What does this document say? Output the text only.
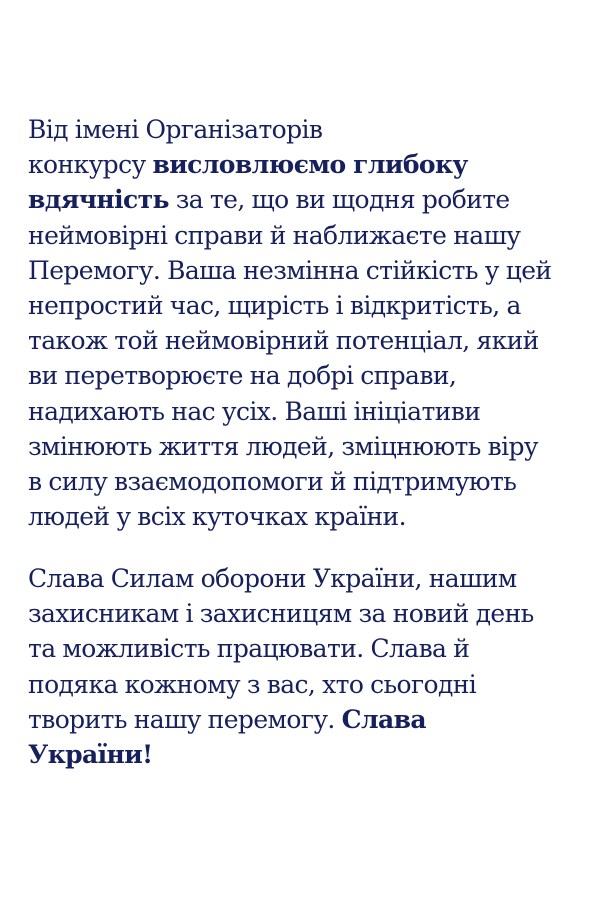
Від імені Організаторів
конкурсу висловлюємо глибоку
вдячність за те, що ви щодня робите
неймовірні справи й наближаєте нашу
Перемогу. Ваша незмінна стійкість у цей
непростий час, щирість і відкритість, а
також той неймовірний потенціал, який
ви перетворюєте на добрі справи,
надихають нас усіх. Ваші ініціативи
змінюють життя людей, зміцнюють віру
в силу взаємодопомоги й підтримують
людей у всіх куточках країни.

Слава Силам оборони України, нашим
захисникам і захисницям за новий день
та можливість працювати. Слава й
подяка кожному з вас, хто сьогодні
творить нашу перемогу. Слава
України!
